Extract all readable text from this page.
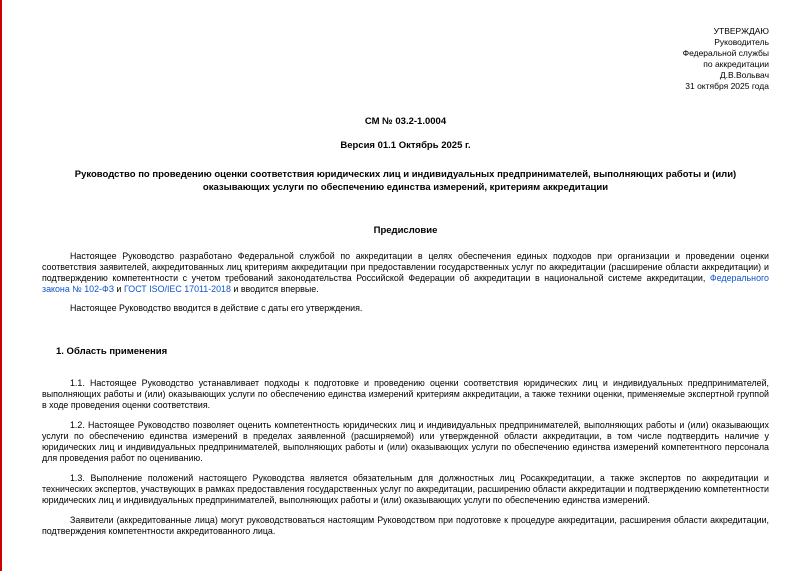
УТВЕРЖДАЮ
Руководитель
Федеральной службы
по аккредитации
Д.В.Вольвач
31 октября 2025 года
СМ № 03.2-1.0004
Версия 01.1 Октябрь 2025 г.
Руководство по проведению оценки соответствия юридических лиц и индивидуальных предпринимателей, выполняющих работы и (или) оказывающих услуги по обеспечению единства измерений, критериям аккредитации
Предисловие

Настоящее Руководство разработано Федеральной службой по аккредитации в целях обеспечения единых подходов при организации и проведении оценки соответствия заявителей, аккредитованных лиц критериям аккредитации при предоставлении государственных услуг по аккредитации (расширение области аккредитации) и подтверждению компетентности с учетом требований законодательства Российской Федерации об аккредитации в национальной системе аккредитации, Федерального закона № 102-ФЗ и ГОСТ ISO/IEC 17011-2018 и вводится впервые.

Настоящее Руководство вводится в действие с даты его утверждения.

1. Область применения

1.1. Настоящее Руководство устанавливает подходы к подготовке и проведению оценки соответствия юридических лиц и индивидуальных предпринимателей, выполняющих работы и (или) оказывающих услуги по обеспечению единства измерений критериям аккредитации, а также техники оценки, применяемые экспертной группой в ходе проведения оценки соответствия.

1.2. Настоящее Руководство позволяет оценить компетентность юридических лиц и индивидуальных предпринимателей, выполняющих работы и (или) оказывающих услуги по обеспечению единства измерений в пределах заявленной (расширяемой) или утвержденной области аккредитации, в том числе подтвердить наличие у юридических лиц и индивидуальных предпринимателей, выполняющих работы и (или) оказывающих услуги по обеспечению единства измерений компетентного персонала для проведения работ по оцениванию.

1.3. Выполнение положений настоящего Руководства является обязательным для должностных лиц Росаккредитации, а также экспертов по аккредитации и технических экспертов, участвующих в рамках предоставления государственных услуг по аккредитации, расширению области аккредитации и подтверждению компетентности юридических лиц и индивидуальных предпринимателей, выполняющих работы и (или) оказывающих услуги по обеспечению единства измерений.

Заявители (аккредитованные лица) могут руководствоваться настоящим Руководством при подготовке к процедуре аккредитации, расширения области аккредитации, подтверждения компетентности аккредитованного лица.
